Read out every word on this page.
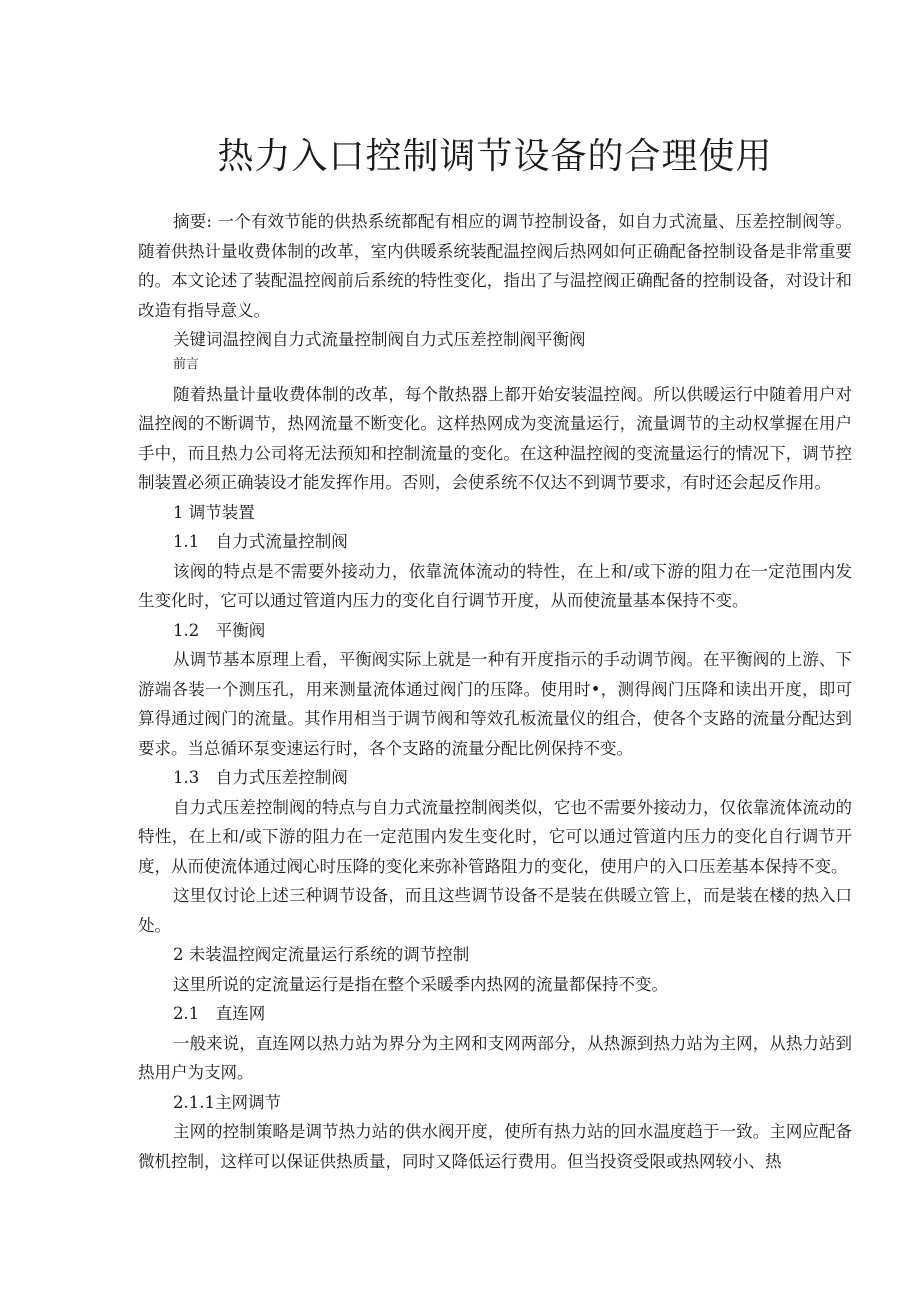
热力入口控制调节设备的合理使用

摘要: 一个有效节能的供热系统都配有相应的调节控制设备，如自力式流量、压差控制阀等。随着供热计量收费体制的改革，室内供暖系统装配温控阀后热网如何正确配备控制设备是非常重要的。本文论述了装配温控阀前后系统的特性变化，指出了与温控阀正确配备的控制设备，对设计和改造有指导意义。

关键词温控阀自力式流量控制阀自力式压差控制阀平衡阀

前言

随着热量计量收费体制的改革，每个散热器上都开始安装温控阀。所以供暖运行中随着用户对温控阀的不断调节，热网流量不断变化。这样热网成为变流量运行，流量调节的主动权掌握在用户手中，而且热力公司将无法预知和控制流量的变化。在这种温控阀的变流量运行的情况下，调节控制装置必须正确装设才能发挥作用。否则，会使系统不仅达不到调节要求，有时还会起反作用。

1 调节装置

1.1　自力式流量控制阀

该阀的特点是不需要外接动力，依靠流体流动的特性，在上和/或下游的阻力在一定范围内发生变化时，它可以通过管道内压力的变化自行调节开度，从而使流量基本保持不变。

1.2　平衡阀

从调节基本原理上看，平衡阀实际上就是一种有开度指示的手动调节阀。在平衡阀的上游、下游端各装一个测压孔，用来测量流体通过阀门的压降。使用时•，测得阀门压降和读出开度，即可算得通过阀门的流量。其作用相当于调节阀和等效孔板流量仪的组合，使各个支路的流量分配达到要求。当总循环泵变速运行时，各个支路的流量分配比例保持不变。

1.3　自力式压差控制阀

自力式压差控制阀的特点与自力式流量控制阀类似，它也不需要外接动力，仅依靠流体流动的特性，在上和/或下游的阻力在一定范围内发生变化时，它可以通过管道内压力的变化自行调节开度，从而使流体通过阀心时压降的变化来弥补管路阻力的变化，使用户的入口压差基本保持不变。

这里仅讨论上述三种调节设备，而且这些调节设备不是装在供暖立管上，而是装在楼的热入口处。

2 未装温控阀定流量运行系统的调节控制

这里所说的定流量运行是指在整个采暖季内热网的流量都保持不变。

2.1　直连网

一般来说，直连网以热力站为界分为主网和支网两部分，从热源到热力站为主网，从热力站到热用户为支网。

2.1.1主网调节

主网的控制策略是调节热力站的供水阀开度，使所有热力站的回水温度趋于一致。主网应配备微机控制，这样可以保证供热质量，同时又降低运行费用。但当投资受限或热网较小、热
